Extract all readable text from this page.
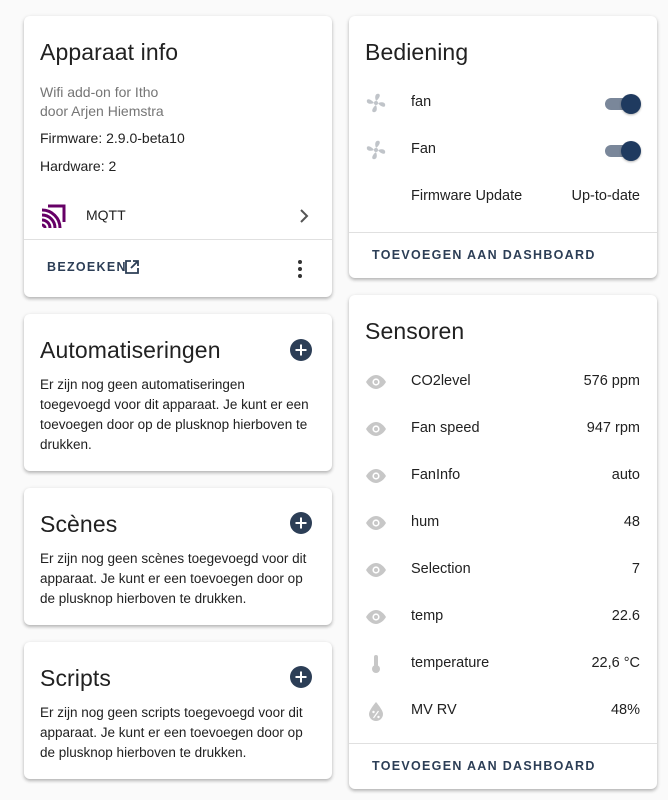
Apparaat info
Wifi add-on for Itho
door Arjen Hiemstra
Firmware: 2.9.0-beta10
Hardware: 2
MQTT
BEZOEKEN
Automatiseringen
Er zijn nog geen automatiseringen toegevoegd voor dit apparaat. Je kunt er een toevoegen door op de plusknop hierboven te drukken.
Scènes
Er zijn nog geen scènes toegevoegd voor dit apparaat. Je kunt er een toevoegen door op de plusknop hierboven te drukken.
Scripts
Er zijn nog geen scripts toegevoegd voor dit apparaat. Je kunt er een toevoegen door op de plusknop hierboven te drukken.
Bediening
fan
Fan
Firmware Update	Up-to-date
TOEVOEGEN AAN DASHBOARD
Sensoren
CO2level	576 ppm
Fan speed	947 rpm
FanInfo	auto
hum	48
Selection	7
temp	22.6
temperature	22,6 °C
MV RV	48%
TOEVOEGEN AAN DASHBOARD
